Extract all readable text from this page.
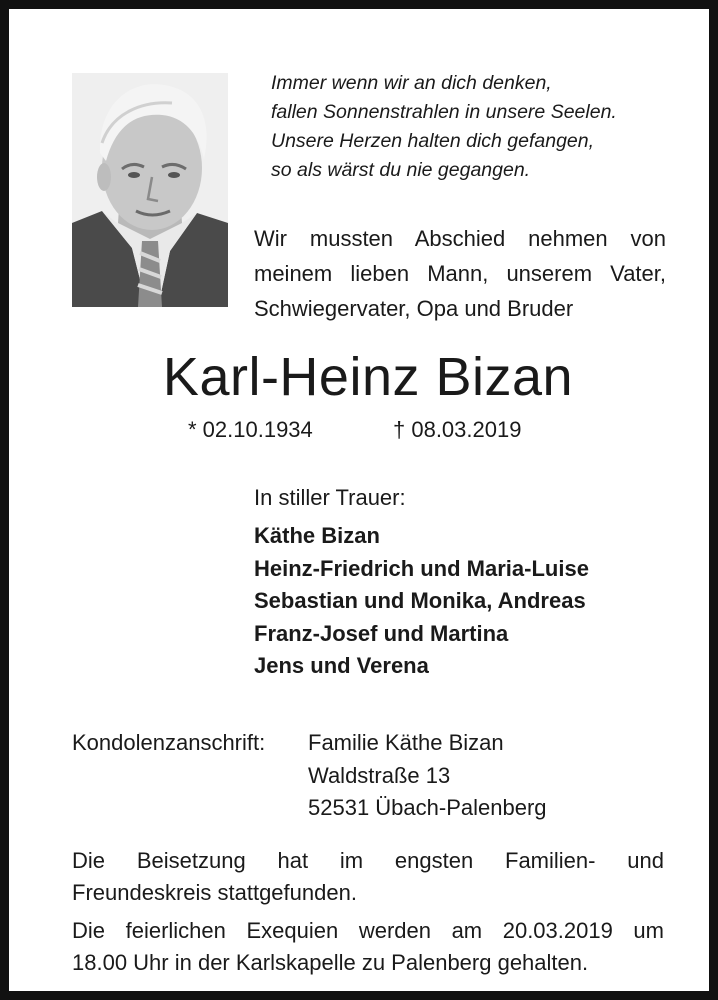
Immer wenn wir an dich denken,
fallen Sonnenstrahlen in unsere Seelen.
Unsere Herzen halten dich gefangen,
so als wärst du nie gegangen.
Wir mussten Abschied nehmen von
meinem lieben Mann, unserem Vater,
Schwiegervater, Opa und Bruder
Karl-Heinz Bizan
* 02.10.1934	† 08.03.2019
In stiller Trauer:
Käthe Bizan
Heinz-Friedrich und Maria-Luise
Sebastian und Monika, Andreas
Franz-Josef und Martina
Jens und Verena
Kondolenzanschrift: Familie Käthe Bizan
Waldstraße 13
52531 Übach-Palenberg
Die Beisetzung hat im engsten Familien- und
Freundeskreis stattgefunden.
Die feierlichen Exequien werden am 20.03.2019 um
18.00 Uhr in der Karlskapelle zu Palenberg gehalten.
